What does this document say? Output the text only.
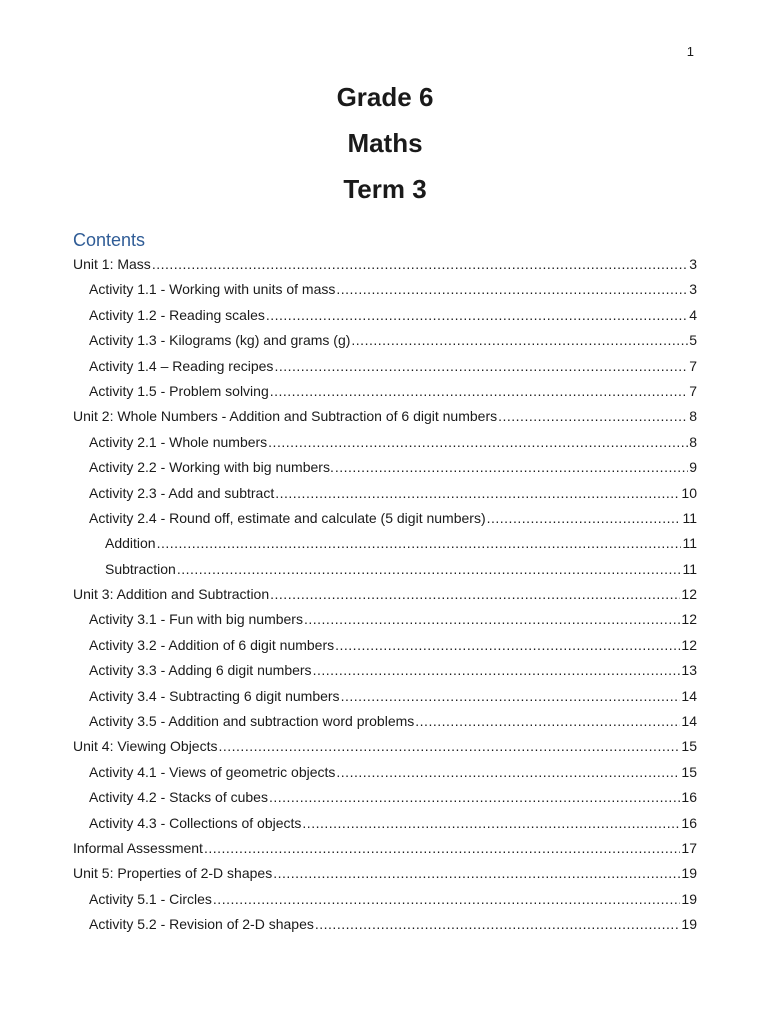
1
Grade 6
Maths
Term 3
Contents
Unit 1: Mass .....	3
Activity 1.1 - Working with units of mass .....	3
Activity 1.2 - Reading scales .....	4
Activity 1.3 - Kilograms (kg) and grams (g) .....	5
Activity 1.4 – Reading recipes .....	7
Activity 1.5 - Problem solving .....	7
Unit 2: Whole Numbers - Addition and Subtraction of 6 digit numbers .....	8
Activity 2.1 - Whole numbers .....	8
Activity 2.2 - Working with big numbers. .....	9
Activity 2.3 - Add and subtract .....	10
Activity 2.4 - Round off, estimate and calculate (5 digit numbers) .....	11
Addition .....	11
Subtraction .....	11
Unit 3: Addition and Subtraction .....	12
Activity 3.1 - Fun with big numbers .....	12
Activity 3.2 - Addition of 6 digit numbers .....	12
Activity 3.3 - Adding 6 digit numbers .....	13
Activity 3.4 - Subtracting 6 digit numbers .....	14
Activity 3.5 - Addition and subtraction word problems .....	14
Unit 4: Viewing Objects .....	15
Activity 4.1 - Views of geometric objects .....	15
Activity 4.2 - Stacks of cubes .....	16
Activity 4.3 - Collections of objects .....	16
Informal Assessment .....	17
Unit 5: Properties of 2-D shapes .....	19
Activity 5.1 - Circles .....	19
Activity 5.2 - Revision of 2-D shapes .....	19
